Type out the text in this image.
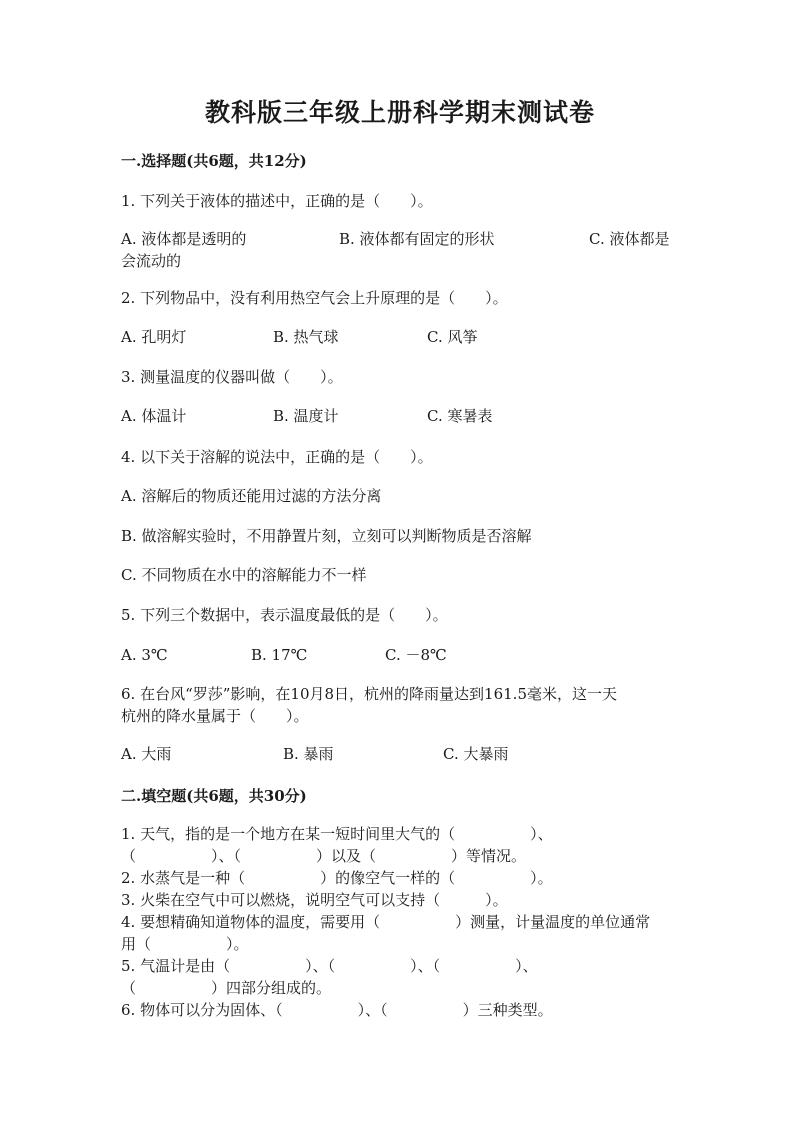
教科版三年级上册科学期末测试卷
一.选择题(共6题，共12分)
1. 下列关于液体的描述中，正确的是（　　）。
A. 液体都是透明的	B. 液体都有固定的形状	C. 液体都是
会流动的
2. 下列物品中，没有利用热空气会上升原理的是（　　）。
A. 孔明灯	B. 热气球	C. 风筝
3. 测量温度的仪器叫做（　　）。
A. 体温计	B. 温度计	C. 寒暑表
4. 以下关于溶解的说法中，正确的是（　　）。
A. 溶解后的物质还能用过滤的方法分离
B. 做溶解实验时，不用静置片刻，立刻可以判断物质是否溶解
C. 不同物质在水中的溶解能力不一样
5. 下列三个数据中，表示温度最低的是（　　）。
A. 3℃	B. 17℃	C. －8℃
6. 在台风“罗莎”影响，在10月8日，杭州的降雨量达到161.5毫米，这一天
杭州的降水量属于（　　）。
A. 大雨	B. 暴雨	C. 大暴雨
二.填空题(共6题，共30分)
1. 天气，指的是一个地方在某一短时间里大气的（　　　　　）、
（　　　　　）、（　　　　　）以及（　　　　　）等情况。
2. 水蒸气是一种（　　　　　）的像空气一样的（　　　　　）。
3. 火柴在空气中可以燃烧，说明空气可以支持（　　　）。
4. 要想精确知道物体的温度，需要用（　　　　　）测量，计量温度的单位通常
用（　　　　　）。
5. 气温计是由（　　　　　）、（　　　　　）、（　　　　　）、
（　　　　　）四部分组成的。
6. 物体可以分为固体、（　　　　　）、（　　　　　）三种类型。
